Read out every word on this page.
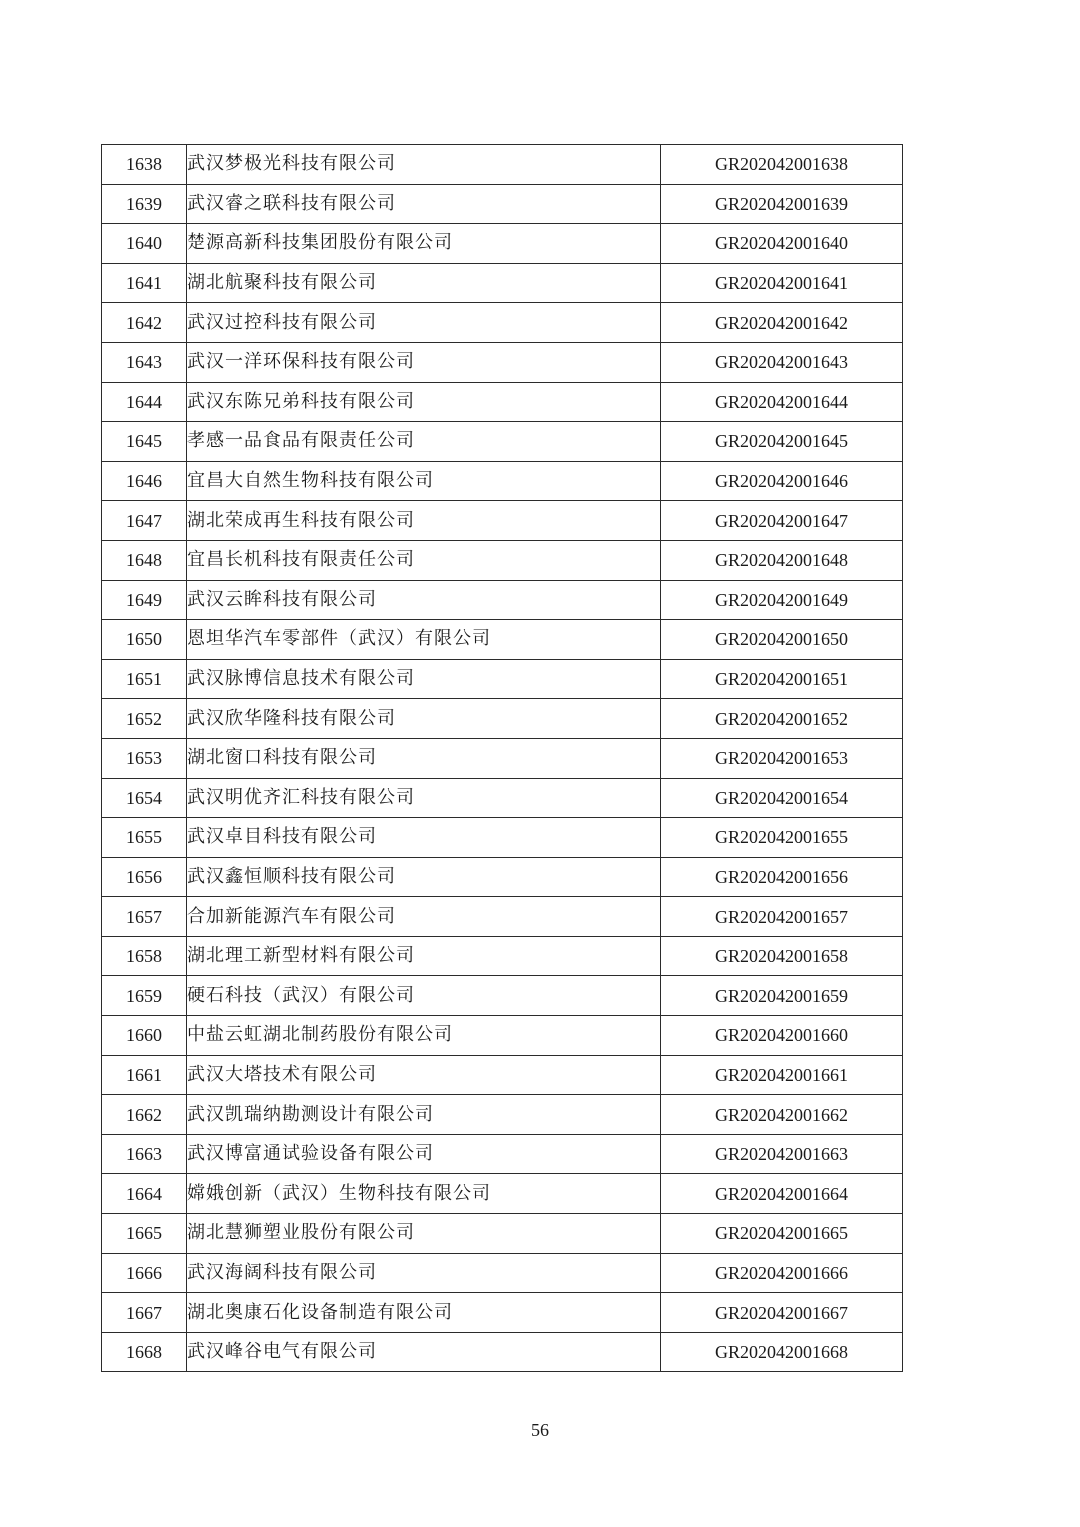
1638	武汉梦极光科技有限公司	GR202042001638
1639	武汉睿之联科技有限公司	GR202042001639
1640	楚源高新科技集团股份有限公司	GR202042001640
1641	湖北航聚科技有限公司	GR202042001641
1642	武汉过控科技有限公司	GR202042001642
1643	武汉一洋环保科技有限公司	GR202042001643
1644	武汉东陈兄弟科技有限公司	GR202042001644
1645	孝感一品食品有限责任公司	GR202042001645
1646	宜昌大自然生物科技有限公司	GR202042001646
1647	湖北荣成再生科技有限公司	GR202042001647
1648	宜昌长机科技有限责任公司	GR202042001648
1649	武汉云眸科技有限公司	GR202042001649
1650	恩坦华汽车零部件（武汉）有限公司	GR202042001650
1651	武汉脉博信息技术有限公司	GR202042001651
1652	武汉欣华隆科技有限公司	GR202042001652
1653	湖北窗口科技有限公司	GR202042001653
1654	武汉明优齐汇科技有限公司	GR202042001654
1655	武汉卓目科技有限公司	GR202042001655
1656	武汉鑫恒顺科技有限公司	GR202042001656
1657	合加新能源汽车有限公司	GR202042001657
1658	湖北理工新型材料有限公司	GR202042001658
1659	硬石科技（武汉）有限公司	GR202042001659
1660	中盐云虹湖北制药股份有限公司	GR202042001660
1661	武汉大塔技术有限公司	GR202042001661
1662	武汉凯瑞纳勘测设计有限公司	GR202042001662
1663	武汉博富通试验设备有限公司	GR202042001663
1664	嫦娥创新（武汉）生物科技有限公司	GR202042001664
1665	湖北慧狮塑业股份有限公司	GR202042001665
1666	武汉海阔科技有限公司	GR202042001666
1667	湖北奥康石化设备制造有限公司	GR202042001667
1668	武汉峰谷电气有限公司	GR202042001668
56
